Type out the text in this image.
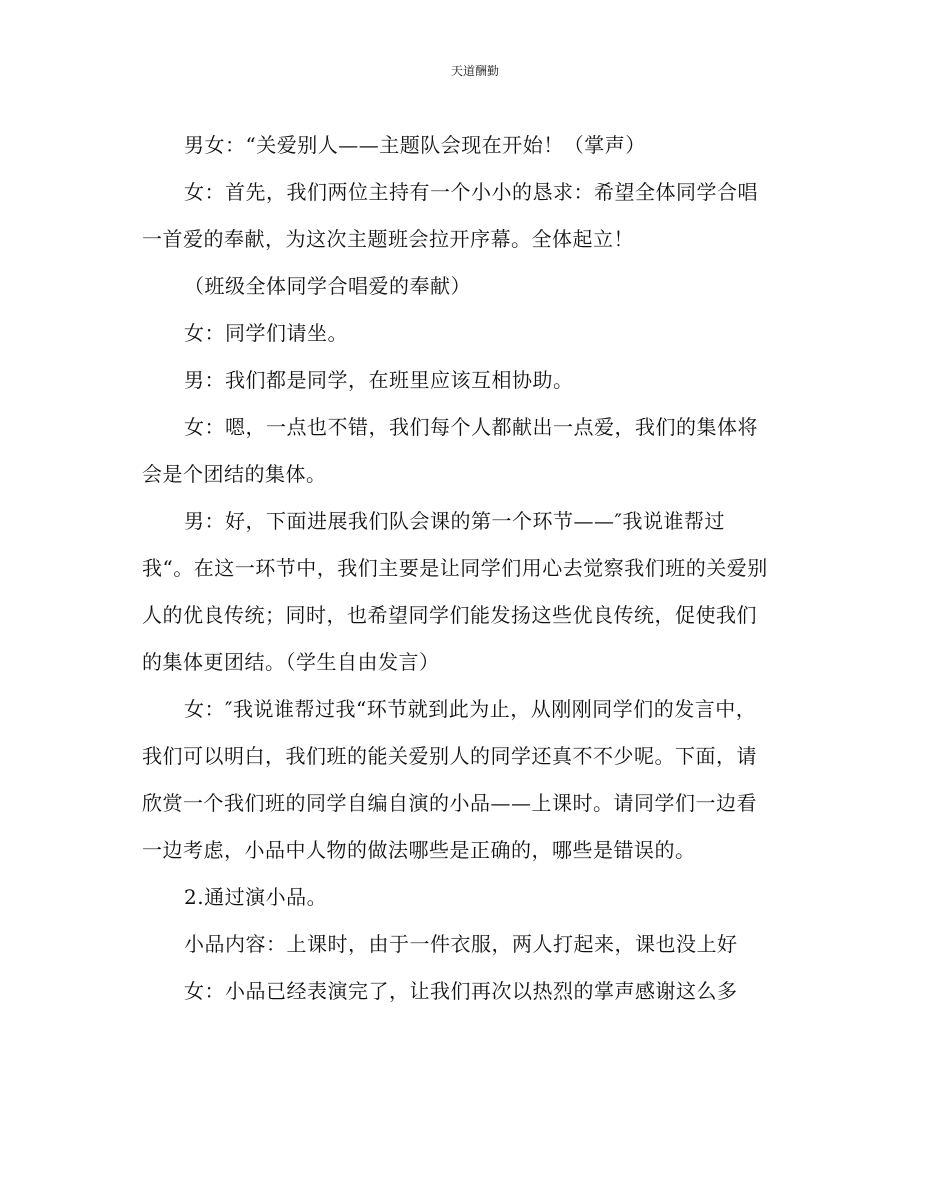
天道酬勤
男女：“关爱别人——主题队会现在开始！（掌声）
女：首先，我们两位主持有一个小小的恳求：希望全体同学合唱
一首爱的奉献，为这次主题班会拉开序幕。全体起立！
（班级全体同学合唱爱的奉献）
女：同学们请坐。
男：我们都是同学，在班里应该互相协助。
女：嗯，一点也不错，我们每个人都献出一点爱，我们的集体将
会是个团结的集体。
男：好，下面进展我们队会课的第一个环节——″我说谁帮过
我“。在这一环节中，我们主要是让同学们用心去觉察我们班的关爱别
人的优良传统；同时，也希望同学们能发扬这些优良传统，促使我们
的集体更团结。（学生自由发言）
女：″我说谁帮过我“环节就到此为止，从刚刚同学们的发言中，
我们可以明白，我们班的能关爱别人的同学还真不不少呢。下面，请
欣赏一个我们班的同学自编自演的小品——上课时。请同学们一边看
一边考虑，小品中人物的做法哪些是正确的，哪些是错误的。
2.通过演小品。
小品内容：上课时，由于一件衣服，两人打起来，课也没上好
女：小品已经表演完了，让我们再次以热烈的掌声感谢这么多
